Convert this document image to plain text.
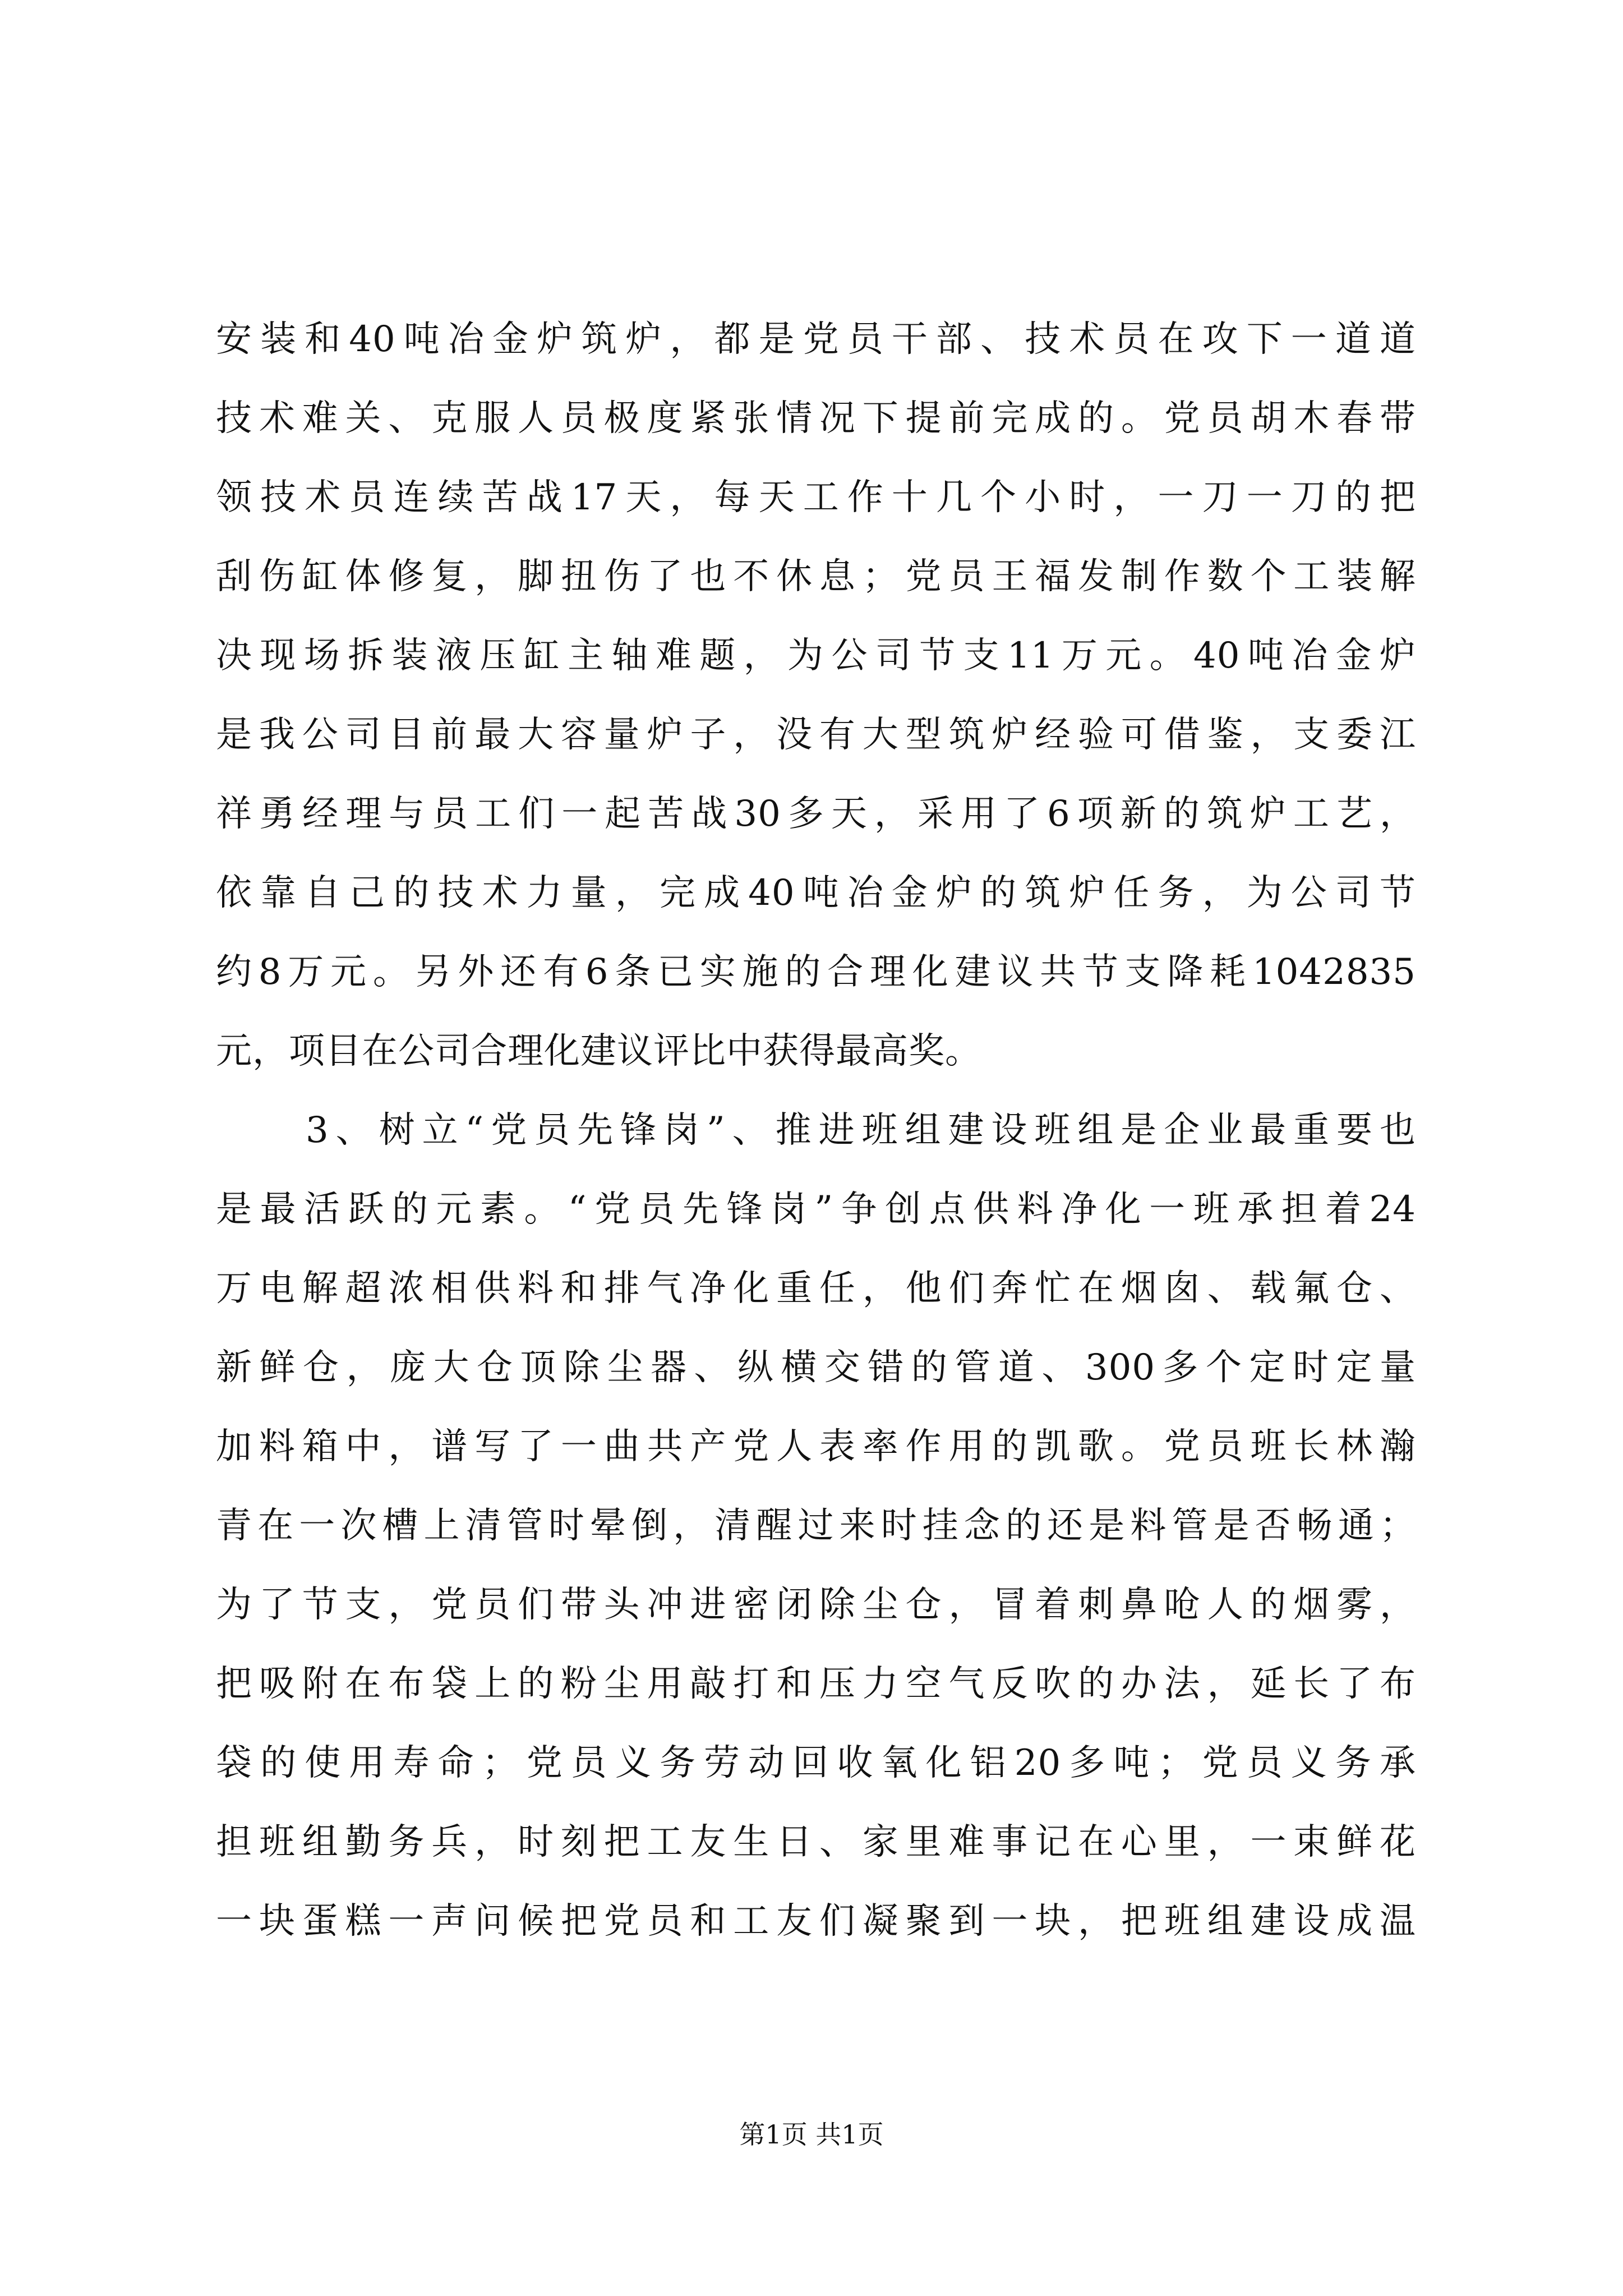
安装和40吨冶金炉筑炉，都是党员干部、技术员在攻下一道道
技术难关、克服人员极度紧张情况下提前完成的。党员胡木春带
领技术员连续苦战17天，每天工作十几个小时，一刀一刀的把
刮伤缸体修复，脚扭伤了也不休息；党员王福发制作数个工装解
决现场拆装液压缸主轴难题，为公司节支11万元。40吨冶金炉
是我公司目前最大容量炉子，没有大型筑炉经验可借鉴，支委江
祥勇经理与员工们一起苦战30多天，采用了6项新的筑炉工艺，
依靠自己的技术力量，完成40吨冶金炉的筑炉任务，为公司节
约8万元。另外还有6条已实施的合理化建议共节支降耗1042835
元，项目在公司合理化建议评比中获得最高奖。
3、树立“党员先锋岗”、推进班组建设班组是企业最重要也
是最活跃的元素。“党员先锋岗”争创点供料净化一班承担着24
万电解超浓相供料和排气净化重任，他们奔忙在烟囱、载氟仓、
新鲜仓，庞大仓顶除尘器、纵横交错的管道、300多个定时定量
加料箱中，谱写了一曲共产党人表率作用的凯歌。党员班长林瀚
青在一次槽上清管时晕倒，清醒过来时挂念的还是料管是否畅通；
为了节支，党员们带头冲进密闭除尘仓，冒着刺鼻呛人的烟雾，
把吸附在布袋上的粉尘用敲打和压力空气反吹的办法，延长了布
袋的使用寿命；党员义务劳动回收氧化铝20多吨；党员义务承
担班组勤务兵，时刻把工友生日、家里难事记在心里，一束鲜花
一块蛋糕一声问候把党员和工友们凝聚到一块，把班组建设成温
第1页 共1页
